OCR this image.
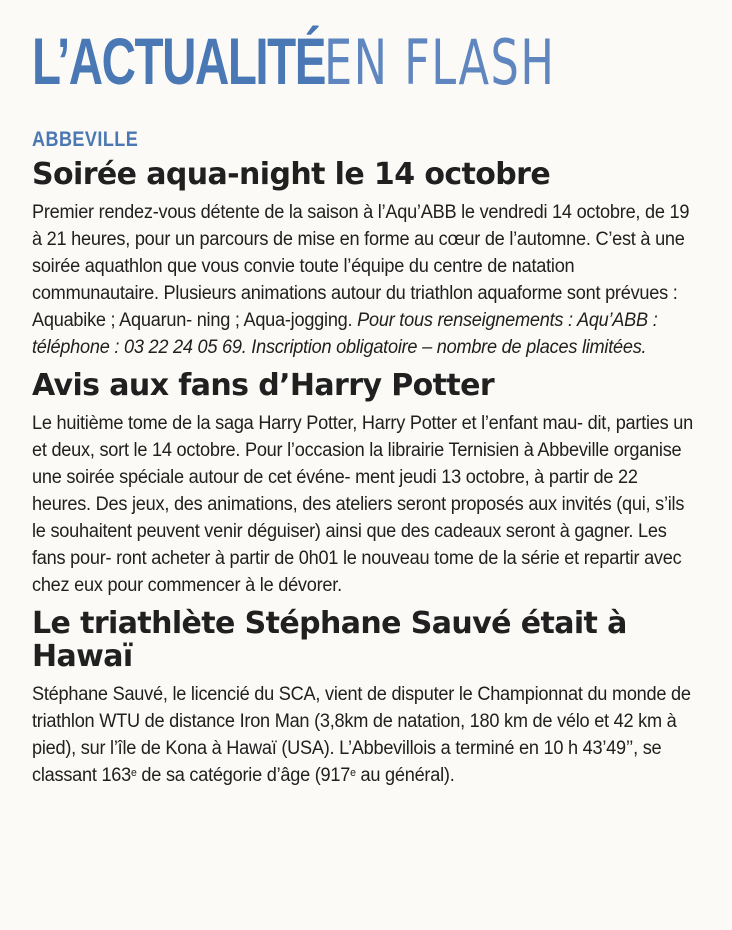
L’ACTUALITÉEN FLASH
ABBEVILLE
Soirée aqua-night le 14 octobre

Premier rendez-vous détente de la saison à l’Aqu’ABB le vendredi 14 octobre, de 19 à 21 heures, pour un parcours de mise en forme au cœur de l’automne. C’est à une soirée aquathlon que vous convie toute l’équipe du centre de natation communautaire. Plusieurs animations autour du triathlon aquaforme sont prévues : Aquabike ; Aquarun- ning ; Aqua-jogging. Pour tous renseignements : Aqu’ABB : téléphone : 03 22 24 05 69. Inscription obligatoire – nombre de places limitées.

Avis aux fans d’Harry Potter

Le huitième tome de la saga Harry Potter, Harry Potter et l’enfant mau- dit, parties un et deux, sort le 14 octobre. Pour l’occasion la librairie Ternisien à Abbeville organise une soirée spéciale autour de cet événe- ment jeudi 13 octobre, à partir de 22 heures. Des jeux, des animations, des ateliers seront proposés aux invités (qui, s’ils le souhaitent peuvent venir déguiser) ainsi que des cadeaux seront à gagner. Les fans pour- ront acheter à partir de 0h01 le nouveau tome de la série et repartir avec chez eux pour commencer à le dévorer.

Le triathlète Stéphane Sauvé était à Hawaï

Stéphane Sauvé, le licencié du SCA, vient de disputer le Championnat du monde de triathlon WTU de distance Iron Man (3,8km de natation, 180 km de vélo et 42 km à pied), sur l’île de Kona à Hawaï (USA). L’Abbevillois a terminé en 10 h 43’49’’, se classant 163e de sa catégorie d’âge (917e au général).
